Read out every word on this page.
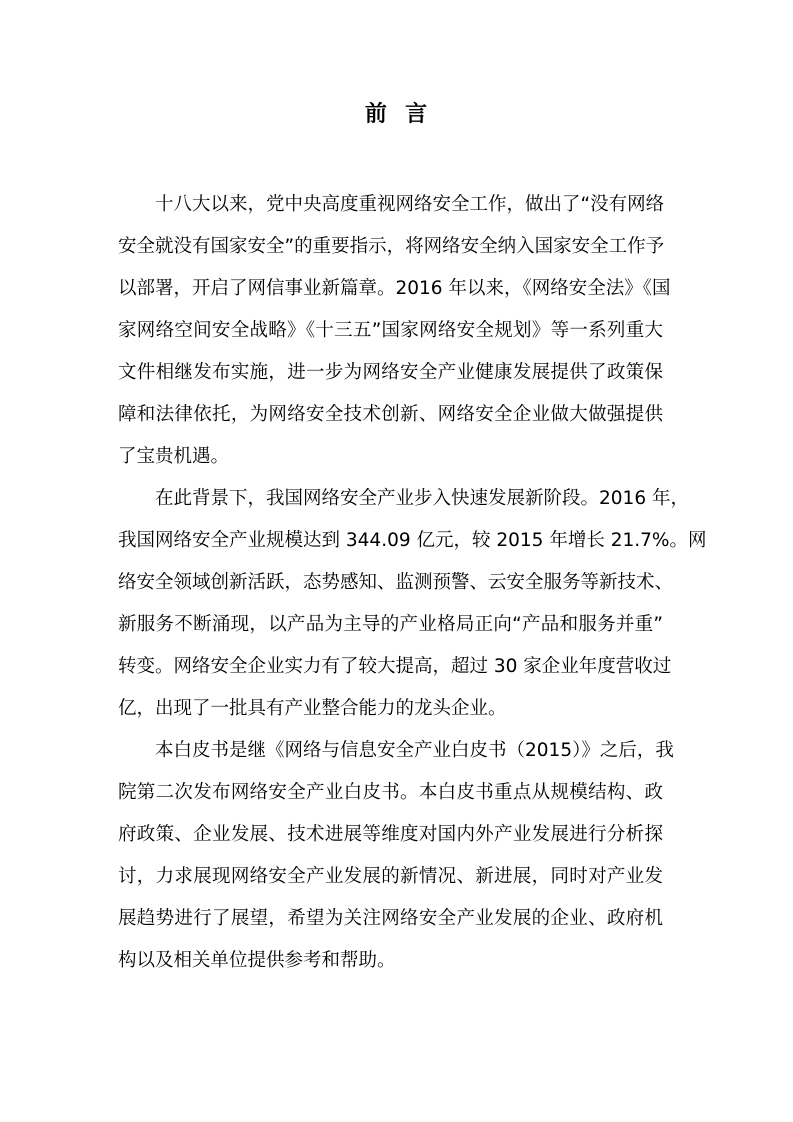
前  言
十八大以来，党中央高度重视网络安全工作，做出了“没有网络
安全就没有国家安全”的重要指示，将网络安全纳入国家安全工作予
以部署，开启了网信事业新篇章。2016 年以来，《网络安全法》《国
家网络空间安全战略》《十三五”国家网络安全规划》等一系列重大
文件相继发布实施，进一步为网络安全产业健康发展提供了政策保
障和法律依托，为网络安全技术创新、网络安全企业做大做强提供
了宝贵机遇。
在此背景下，我国网络安全产业步入快速发展新阶段。2016 年，
我国网络安全产业规模达到 344.09 亿元，较 2015 年增长 21.7%。网
络安全领域创新活跃，态势感知、监测预警、云安全服务等新技术、
新服务不断涌现，以产品为主导的产业格局正向“产品和服务并重”
转变。网络安全企业实力有了较大提高，超过 30 家企业年度营收过
亿，出现了一批具有产业整合能力的龙头企业。
本白皮书是继《网络与信息安全产业白皮书（2015）》之后，我
院第二次发布网络安全产业白皮书。本白皮书重点从规模结构、政
府政策、企业发展、技术进展等维度对国内外产业发展进行分析探
讨，力求展现网络安全产业发展的新情况、新进展，同时对产业发
展趋势进行了展望，希望为关注网络安全产业发展的企业、政府机
构以及相关单位提供参考和帮助。
